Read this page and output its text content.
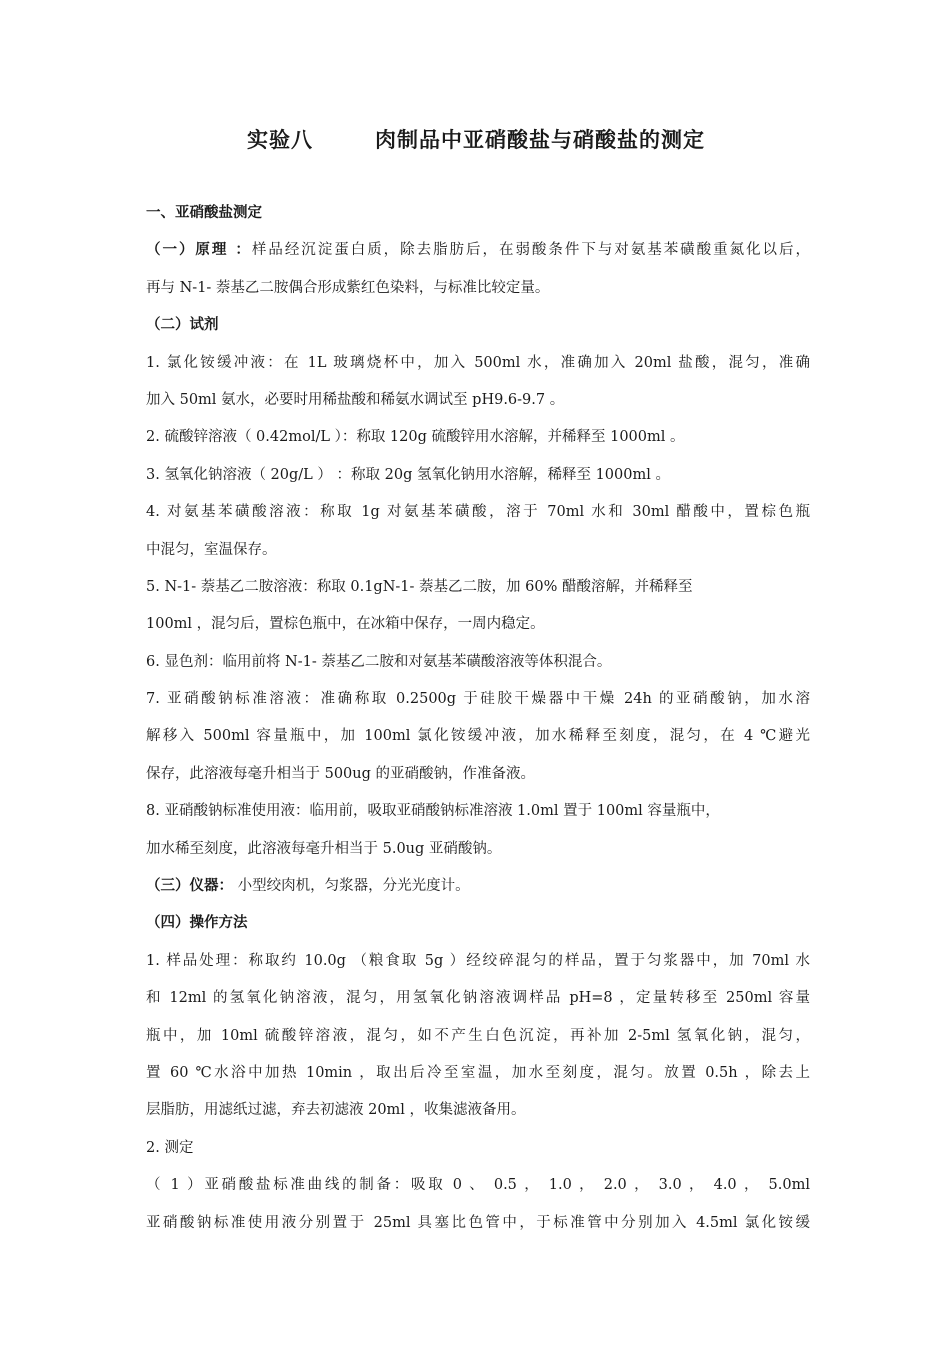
实验八	肉制品中亚硝酸盐与硝酸盐的测定
一、亚硝酸盐测定
（一）原理 ：样品经沉淀蛋白质，除去脂肪后，在弱酸条件下与对氨基苯磺酸重氮化以后，
再与 N-1- 萘基乙二胺偶合形成紫红色染料，与标准比较定量。
（二）试剂
1. 氯化铵缓冲液：在 1L 玻璃烧杯中，加入 500ml 水，准确加入 20ml 盐酸，混匀，准确
加入 50ml 氨水，必要时用稀盐酸和稀氨水调试至 pH9.6-9.7 。
2. 硫酸锌溶液（ 0.42mol/L ）：称取 120g 硫酸锌用水溶解，并稀释至 1000ml 。
3. 氢氧化钠溶液（ 20g/L ） ：称取 20g 氢氧化钠用水溶解，稀释至 1000ml 。
4. 对氨基苯磺酸溶液：称取 1g 对氨基苯磺酸，溶于 70ml 水和 30ml 醋酸中，置棕色瓶
中混匀，室温保存。
5. N-1- 萘基乙二胺溶液：称取 0.1gN-1- 萘基乙二胺，加 60% 醋酸溶解，并稀释至
100ml ，混匀后，置棕色瓶中，在冰箱中保存，一周内稳定。
6. 显色剂：临用前将 N-1- 萘基乙二胺和对氨基苯磺酸溶液等体积混合。
7. 亚硝酸钠标准溶液：准确称取 0.2500g 于硅胶干燥器中干燥 24h 的亚硝酸钠，加水溶
解移入 500ml 容量瓶中，加 100ml 氯化铵缓冲液，加水稀释至刻度，混匀，在 4 ℃避光
保存，此溶液每毫升相当于 500ug 的亚硝酸钠，作准备液。
8. 亚硝酸钠标准使用液：临用前，吸取亚硝酸钠标准溶液 1.0ml 置于 100ml 容量瓶中，
加水稀至刻度，此溶液每毫升相当于 5.0ug 亚硝酸钠。
（三）仪器： 小型绞肉机，匀浆器，分光光度计。
（四）操作方法
1. 样品处理：称取约 10.0g （粮食取 5g ）经绞碎混匀的样品，置于匀浆器中，加 70ml 水
和 12ml 的氢氧化钠溶液，混匀，用氢氧化钠溶液调样品 pH=8 ，定量转移至 250ml 容量
瓶中，加 10ml 硫酸锌溶液，混匀，如不产生白色沉淀，再补加 2-5ml 氢氧化钠，混匀，
置 60 ℃水浴中加热 10min ，取出后冷至室温，加水至刻度，混匀。放置 0.5h ，除去上
层脂肪，用滤纸过滤，弃去初滤液 20ml ，收集滤液备用。
2. 测定
（ 1 ）亚硝酸盐标准曲线的制备：吸取 0 、 0.5 ， 1.0 ， 2.0 ， 3.0 ， 4.0 ， 5.0ml
亚硝酸钠标准使用液分别置于 25ml 具塞比色管中，于标准管中分别加入 4.5ml 氯化铵缓
